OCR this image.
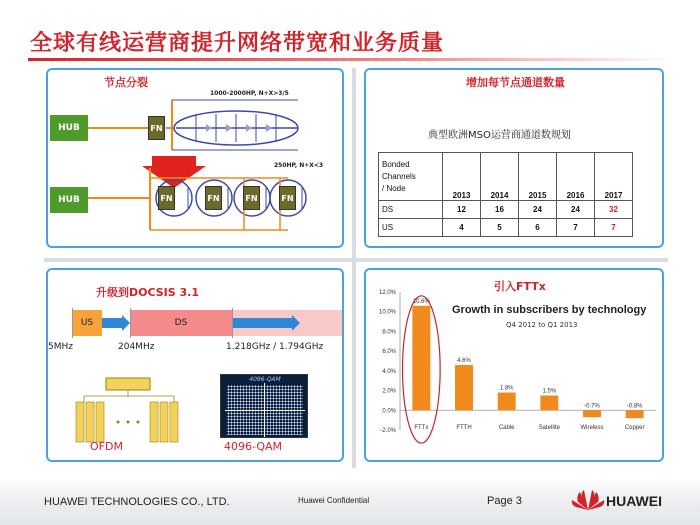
全球有线运营商提升网络带宽和业务质量
节点分裂
HUB	FN
1000-2000HP, N+X>3/5
HUB	FN	FN	FN	FN
250HP, N+X<3
增加每节点通道数量
典型欧洲MSO运营商通道数规划
Bonded
Channels
/ Node	2013	2014	2015	2016	2017
DS	12	16	24	24	32
US	4	5	6	7	7
升级到DOCSIS 3.1
US	DS
5MHz	204MHz	1.218GHz / 1.794GHz
OFDM
4096-QAM
4096-QAM
引入FTTx
Growth in subscribers by technology
Q4 2012 to Q1 2013
12.0%
10.0%
8.0%
6.0%
4.0%
2.0%
0.0%
-2.0%
10.6%
FTTx
4.6%
FTTH
1.8%
Cable
1.5%
Satellite
-0.7%
Wireless
-0.8%
Copper
HUAWEI TECHNOLOGIES CO., LTD.	Huawei Confidential	Page 3	HUAWEI
